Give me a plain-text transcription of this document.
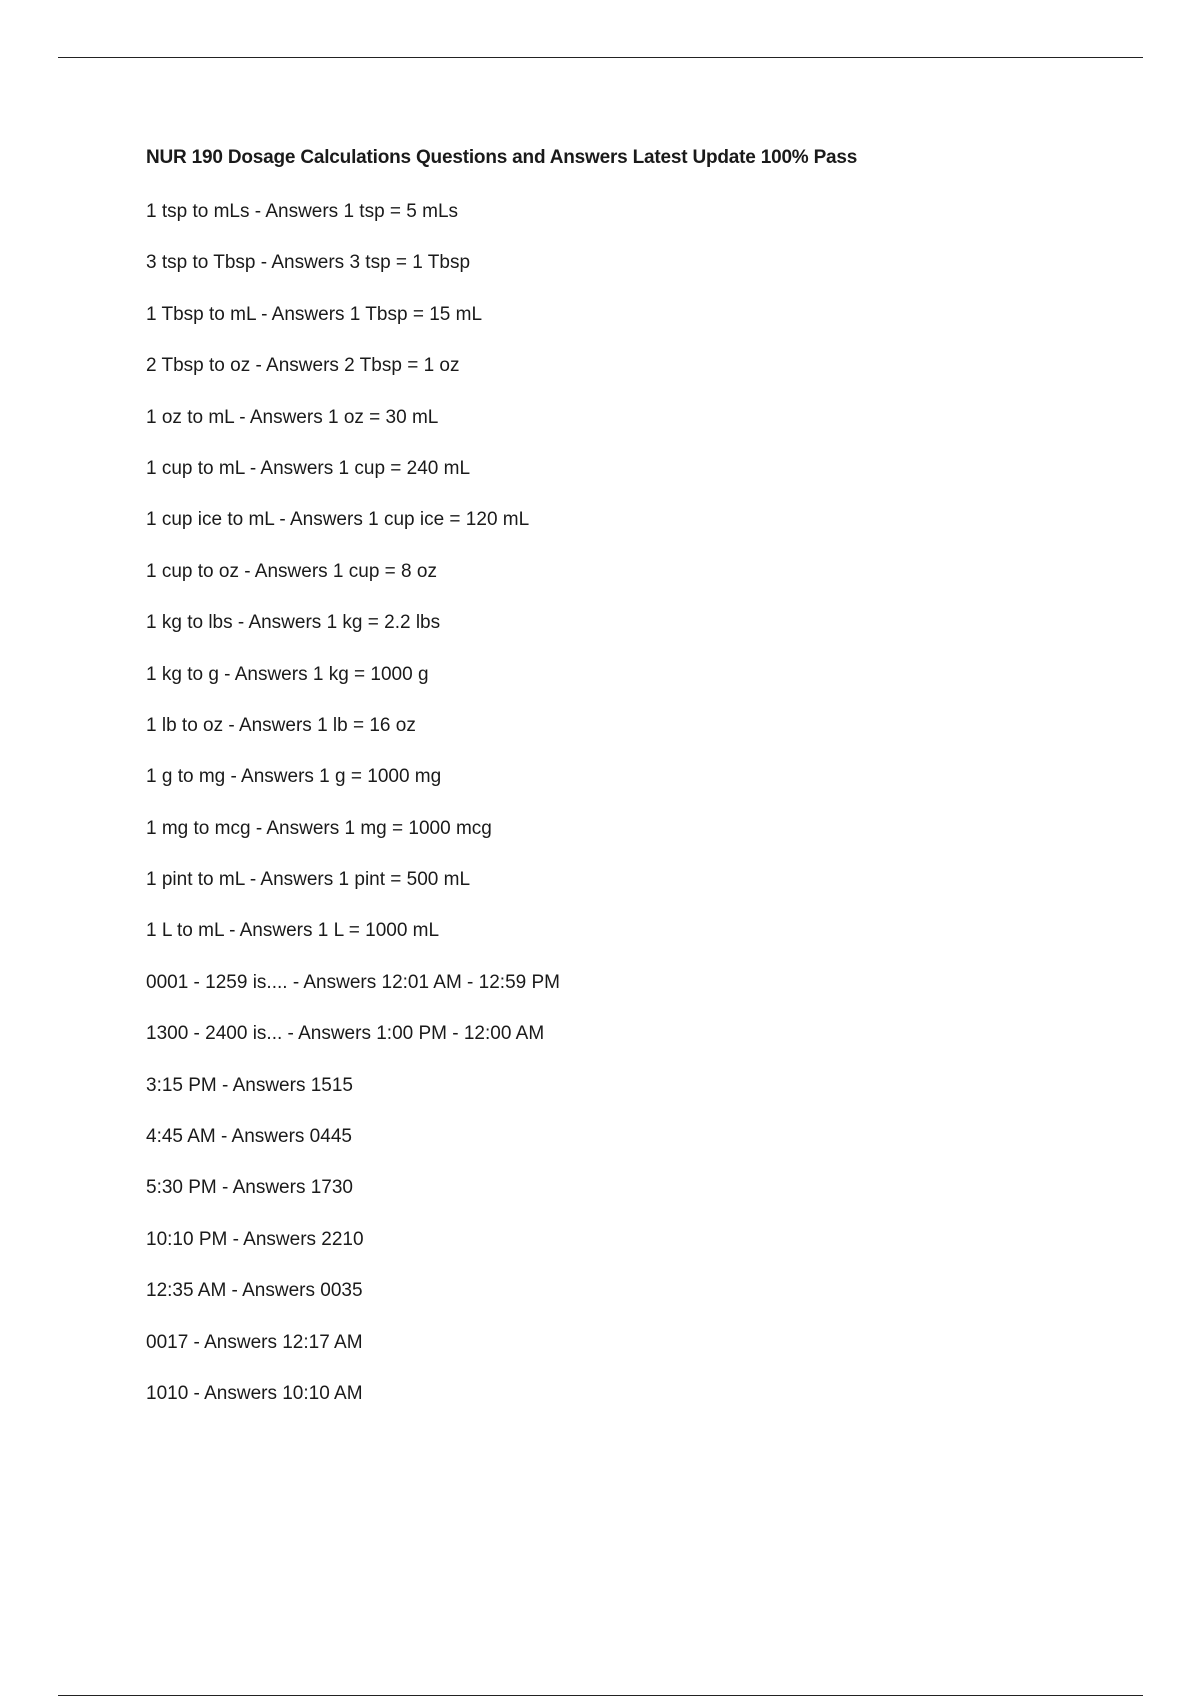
NUR 190 Dosage Calculations Questions and Answers Latest Update 100% Pass
1 tsp to mLs - Answers 1 tsp = 5 mLs
3 tsp to Tbsp - Answers 3 tsp = 1 Tbsp
1 Tbsp to mL - Answers 1 Tbsp = 15 mL
2 Tbsp to oz - Answers 2 Tbsp = 1 oz
1 oz to mL - Answers 1 oz = 30 mL
1 cup to mL - Answers 1 cup = 240 mL
1 cup ice to mL - Answers 1 cup ice = 120 mL
1 cup to oz - Answers 1 cup = 8 oz
1 kg to lbs - Answers 1 kg = 2.2 lbs
1 kg to g - Answers 1 kg = 1000 g
1 lb to oz - Answers 1 lb = 16 oz
1 g to mg - Answers 1 g = 1000 mg
1 mg to mcg - Answers 1 mg = 1000 mcg
1 pint to mL - Answers 1 pint = 500 mL
1 L to mL - Answers 1 L = 1000 mL
0001 - 1259 is.... - Answers 12:01 AM - 12:59 PM
1300 - 2400 is... - Answers 1:00 PM - 12:00 AM
3:15 PM - Answers 1515
4:45 AM - Answers 0445
5:30 PM - Answers 1730
10:10 PM - Answers 2210
12:35 AM - Answers 0035
0017 - Answers 12:17 AM
1010 - Answers 10:10 AM
